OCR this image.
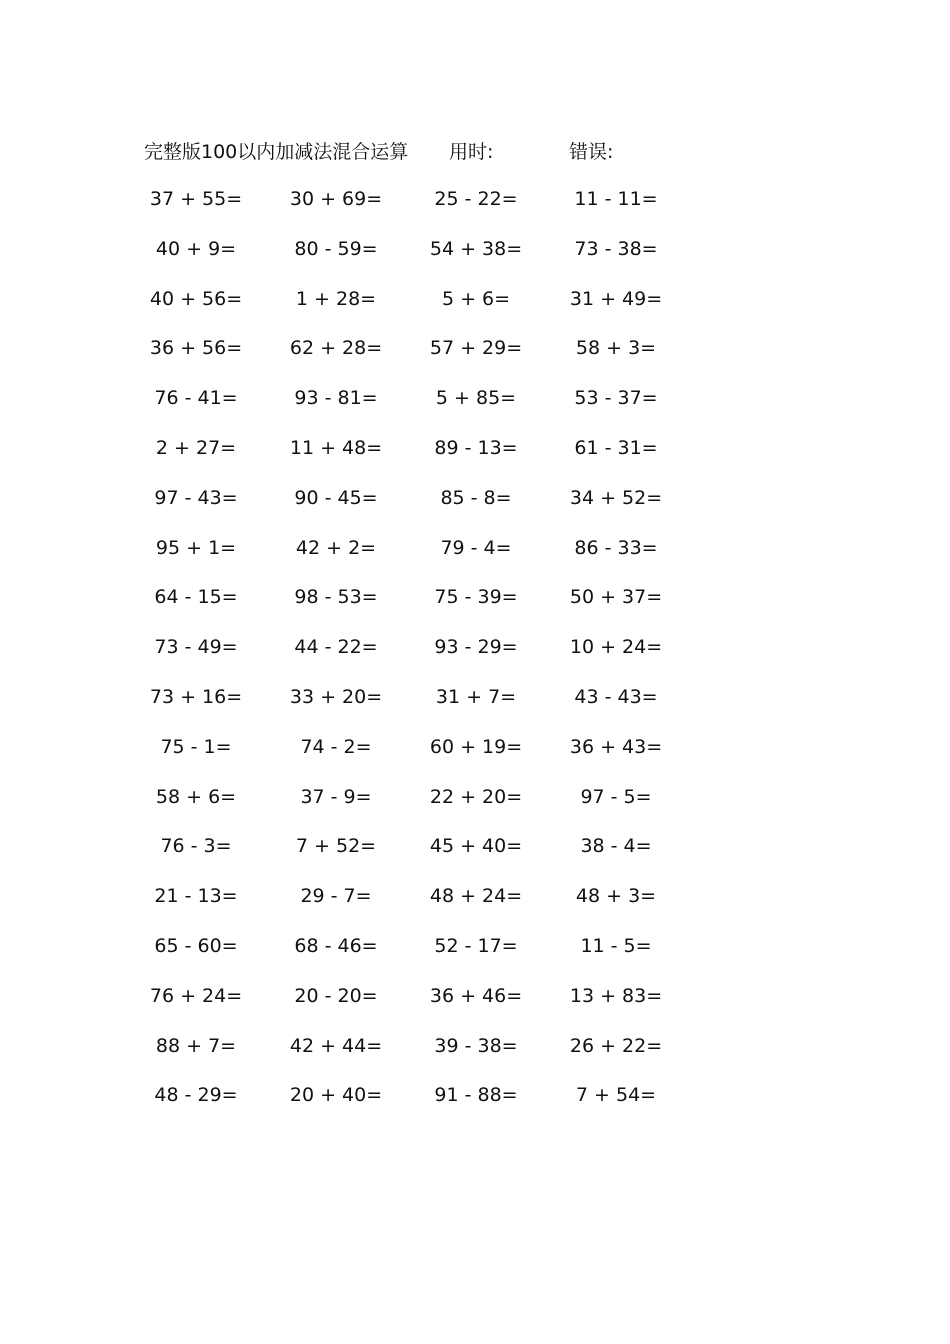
完整版100以内加减法混合运算 用时:	错误:
37 + 55=	30 + 69=	25 - 22=	11 - 11=
40 + 9=	80 - 59=	54 + 38=	73 - 38=
40 + 56=	1 + 28=	5 + 6=	31 + 49=
36 + 56=	62 + 28=	57 + 29=	58 + 3=
76 - 41=	93 - 81=	5 + 85=	53 - 37=
2 + 27=	11 + 48=	89 - 13=	61 - 31=
97 - 43=	90 - 45=	85 - 8=	34 + 52=
95 + 1=	42 + 2=	79 - 4=	86 - 33=
64 - 15=	98 - 53=	75 - 39=	50 + 37=
73 - 49=	44 - 22=	93 - 29=	10 + 24=
73 + 16=	33 + 20=	31 + 7=	43 - 43=
75 - 1=	74 - 2=	60 + 19=	36 + 43=
58 + 6=	37 - 9=	22 + 20=	97 - 5=
76 - 3=	7 + 52=	45 + 40=	38 - 4=
21 - 13=	29 - 7=	48 + 24=	48 + 3=
65 - 60=	68 - 46=	52 - 17=	11 - 5=
76 + 24=	20 - 20=	36 + 46=	13 + 83=
88 + 7=	42 + 44=	39 - 38=	26 + 22=
48 - 29=	20 + 40=	91 - 88=	7 + 54=
